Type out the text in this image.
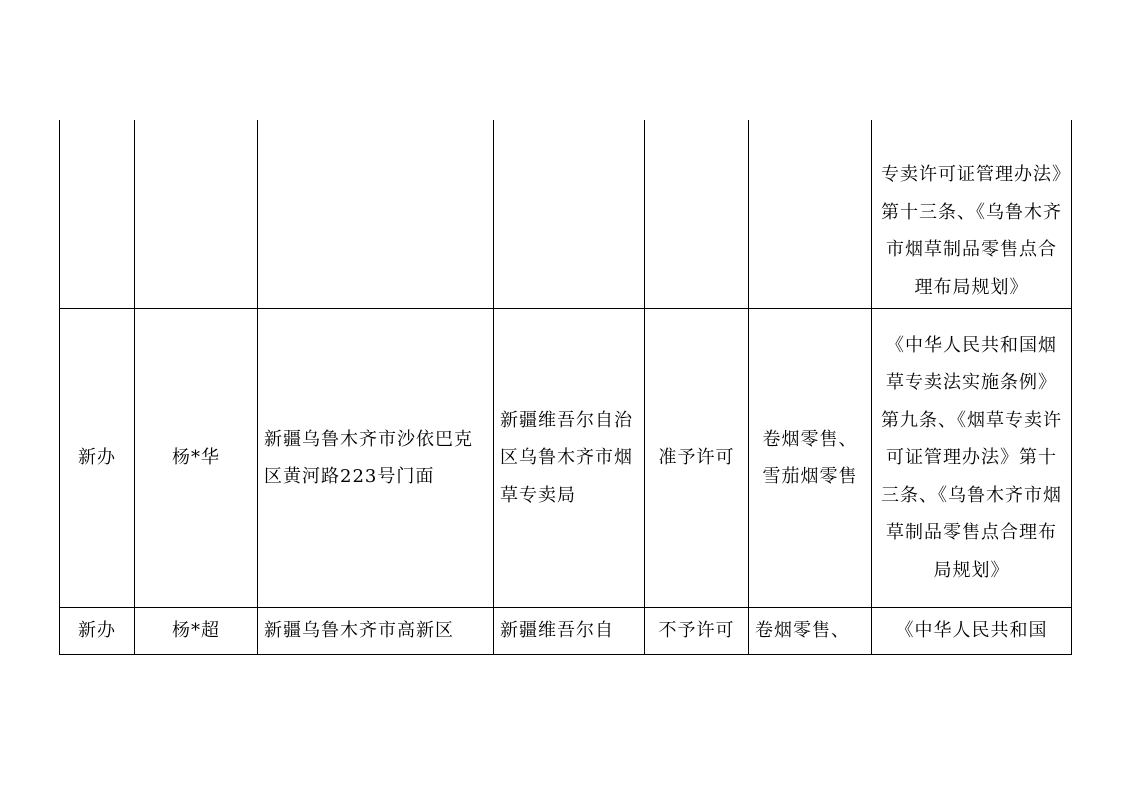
						专卖许可证管理办法》第十三条、《乌鲁木齐市烟草制品零售点合理布局规划》
新办	杨*华	新疆乌鲁木齐市沙依巴克区黄河路223号门面	新疆维吾尔自治区乌鲁木齐市烟草专卖局	准予许可	卷烟零售、雪茄烟零售	《中华人民共和国烟草专卖法实施条例》第九条、《烟草专卖许可证管理办法》第十三条、《乌鲁木齐市烟草制品零售点合理布局规划》
新办	杨*超	新疆乌鲁木齐市高新区	新疆维吾尔自	不予许可	卷烟零售、	《中华人民共和国
